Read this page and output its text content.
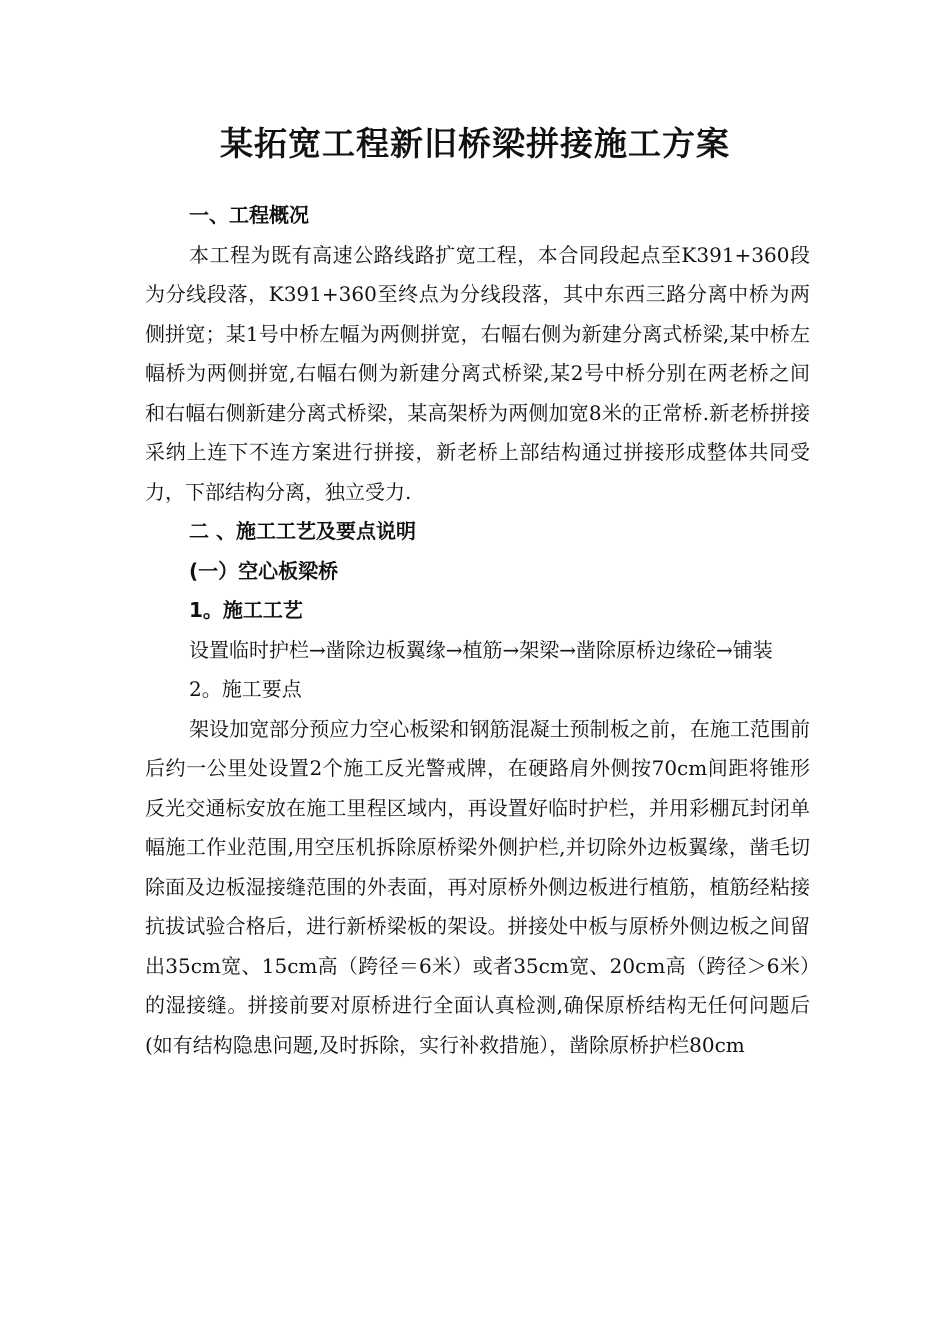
某拓宽工程新旧桥梁拼接施工方案

一、工程概况

本工程为既有高速公路线路扩宽工程，本合同段起点至K391+360段为分线段落，K391+360至终点为分线段落，其中东西三路分离中桥为两侧拼宽；某1号中桥左幅为两侧拼宽，右幅右侧为新建分离式桥梁,某中桥左幅桥为两侧拼宽,右幅右侧为新建分离式桥梁,某2号中桥分别在两老桥之间和右幅右侧新建分离式桥梁，某高架桥为两侧加宽8米的正常桥.新老桥拼接采纳上连下不连方案进行拼接，新老桥上部结构通过拼接形成整体共同受力，下部结构分离，独立受力.

二 、施工工艺及要点说明

(一）空心板梁桥

1。施工工艺

设置临时护栏→凿除边板翼缘→植筋→架梁→凿除原桥边缘砼→铺装

2。施工要点

架设加宽部分预应力空心板梁和钢筋混凝土预制板之前，在施工范围前后约一公里处设置2个施工反光警戒牌，在硬路肩外侧按70cm间距将锥形反光交通标安放在施工里程区域内，再设置好临时护栏，并用彩棚瓦封闭单幅施工作业范围,用空压机拆除原桥梁外侧护栏,并切除外边板翼缘，凿毛切除面及边板湿接缝范围的外表面，再对原桥外侧边板进行植筋，植筋经粘接抗拔试验合格后，进行新桥梁板的架设。拼接处中板与原桥外侧边板之间留出35cm宽、15cm高（跨径＝6米）或者35cm宽、20cm高（跨径＞6米）的湿接缝。拼接前要对原桥进行全面认真检测,确保原桥结构无任何问题后(如有结构隐患问题,及时拆除，实行补救措施），凿除原桥护栏80cm
